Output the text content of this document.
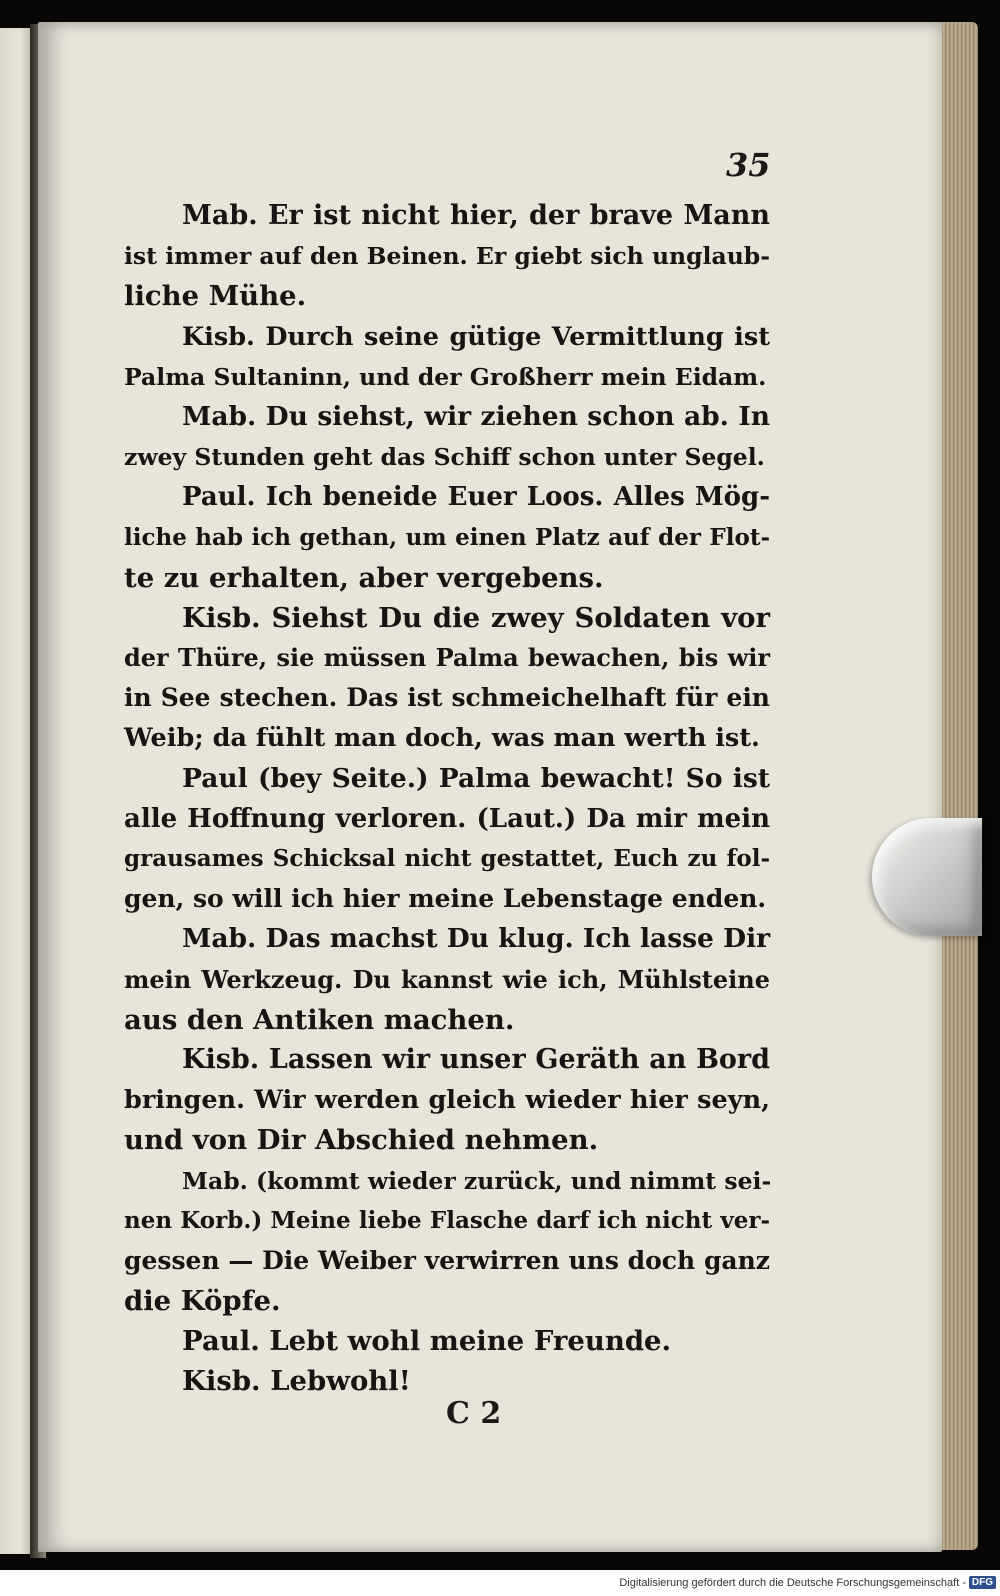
35
Mab. Er ist nicht hier, der brave Mann
ist immer auf den Beinen. Er giebt sich unglaub-
liche Mühe.
Kisb. Durch seine gütige Vermittlung ist
Palma Sultaninn, und der Großherr mein Eidam.
Mab. Du siehst, wir ziehen schon ab. In
zwey Stunden geht das Schiff schon unter Segel.
Paul. Ich beneide Euer Loos. Alles Mög-
liche hab ich gethan, um einen Platz auf der Flot-
te zu erhalten, aber vergebens.
Kisb. Siehst Du die zwey Soldaten vor
der Thüre, sie müssen Palma bewachen, bis wir
in See stechen. Das ist schmeichelhaft für ein
Weib; da fühlt man doch, was man werth ist.
Paul (bey Seite.) Palma bewacht! So ist
alle Hoffnung verloren. (Laut.) Da mir mein
grausames Schicksal nicht gestattet, Euch zu fol-
gen, so will ich hier meine Lebenstage enden.
Mab. Das machst Du klug. Ich lasse Dir
mein Werkzeug. Du kannst wie ich, Mühlsteine
aus den Antiken machen.
Kisb. Lassen wir unser Geräth an Bord
bringen. Wir werden gleich wieder hier seyn,
und von Dir Abschied nehmen.
Mab. (kommt wieder zurück, und nimmt sei-
nen Korb.) Meine liebe Flasche darf ich nicht ver-
gessen — Die Weiber verwirren uns doch ganz
die Köpfe.
Paul. Lebt wohl meine Freunde.
Kisb. Lebwohl!
C 2
Digitalisierung gefördert durch die Deutsche Forschungsgemeinschaft - DFG
